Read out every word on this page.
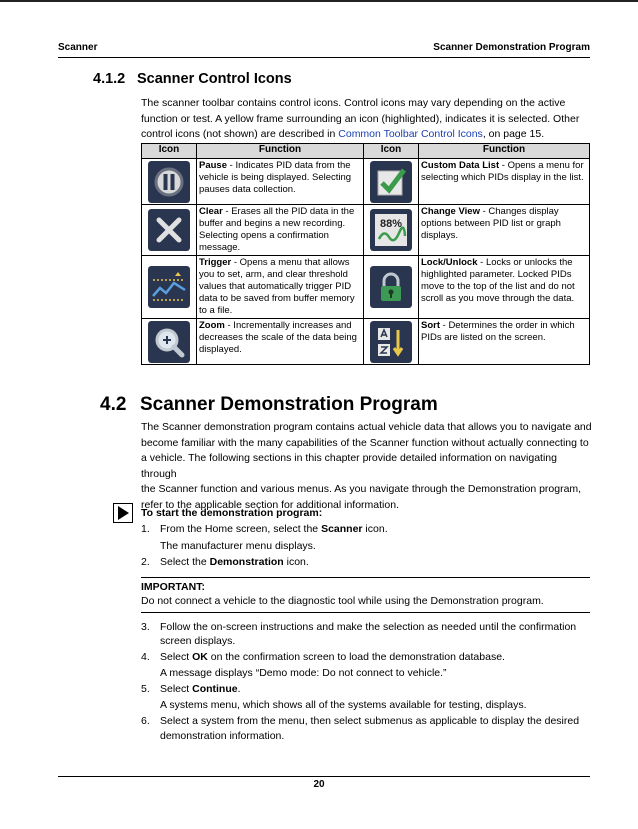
Scanner	Scanner Demonstration Program
4.1.2 Scanner Control Icons
The scanner toolbar contains control icons. Control icons may vary depending on the active
function or test. A yellow frame surrounding an icon (highlighted), indicates it is selected. Other
control icons (not shown) are described in Common Toolbar Control Icons, on page 15.
Icon	Function	Icon	Function
	Pause - Indicates PID data from the vehicle is being displayed. Selecting pauses data collection.		Custom Data List - Opens a menu for selecting which PIDs display in the list.
	Clear - Erases all the PID data in the buffer and begins a new recording. Selecting opens a confirmation message.	88%	Change View - Changes display options between PID list or graph displays.
	Trigger - Opens a menu that allows you to set, arm, and clear threshold values that automatically trigger PID data to be saved from buffer memory to a file.		Lock/Unlock - Locks or unlocks the highlighted parameter. Locked PIDs move to the top of the list and do not scroll as you move through the data.
	Zoom - Incrementally increases and decreases the scale of the data being displayed.		Sort - Determines the order in which PIDs are listed on the screen.
4.2 Scanner Demonstration Program
The Scanner demonstration program contains actual vehicle data that allows you to navigate and
become familiar with the many capabilities of the Scanner function without actually connecting to
a vehicle. The following sections in this chapter provide detailed information on navigating through
the Scanner function and various menus. As you navigate through the Demonstration program,
refer to the applicable section for additional information.
To start the demonstration program:
1. From the Home screen, select the Scanner icon.
The manufacturer menu displays.
2. Select the Demonstration icon.
IMPORTANT:
Do not connect a vehicle to the diagnostic tool while using the Demonstration program.
3. Follow the on-screen instructions and make the selection as needed until the confirmation
screen displays.
4. Select OK on the confirmation screen to load the demonstration database.
A message displays “Demo mode: Do not connect to vehicle.”
5. Select Continue.
A systems menu, which shows all of the systems available for testing, displays.
6. Select a system from the menu, then select submenus as applicable to display the desired
demonstration information.
20
